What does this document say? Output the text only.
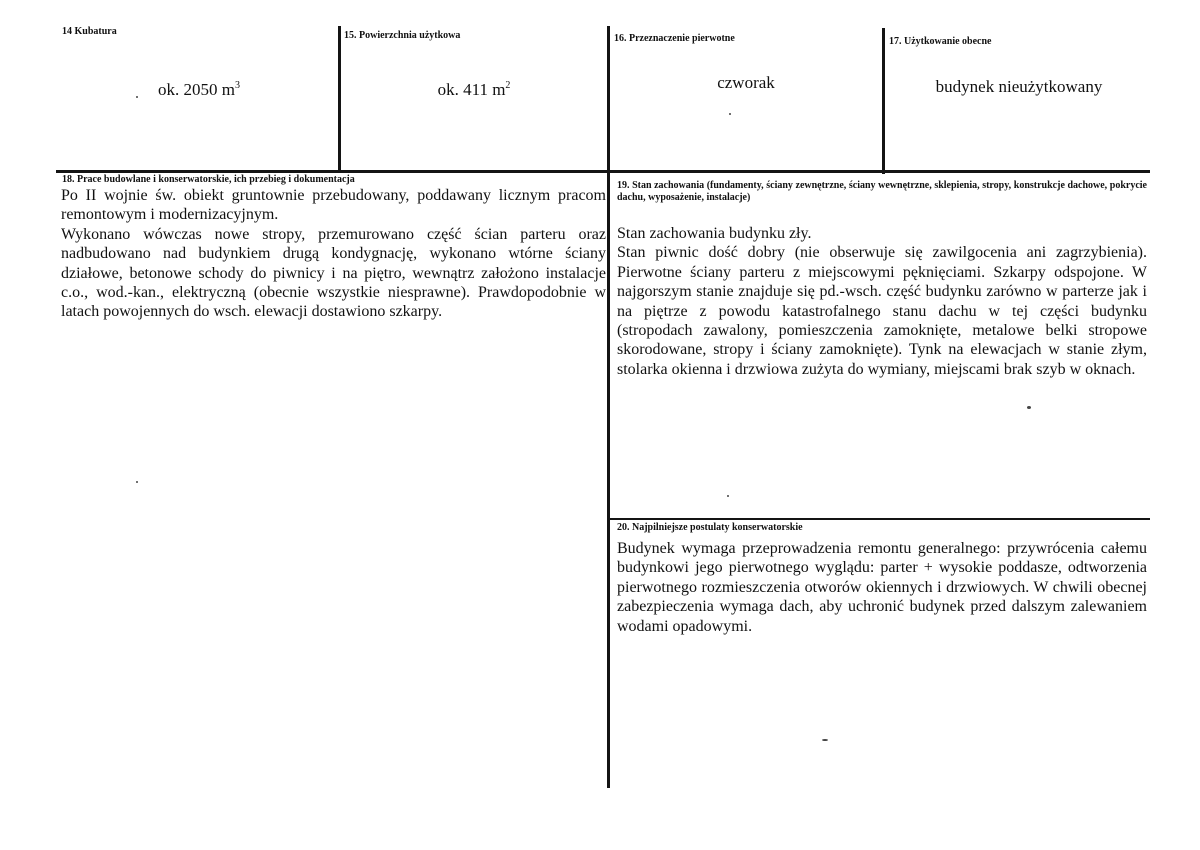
14 Kubatura
ok. 2050 $m^3$
15. Powierzchnia użytkowa
ok. 411 $m^2$
16. Przeznaczenie pierwotne
czworak
17. Użytkowanie obecne
budynek nieużytkowany
18. Prace budowlane i konserwatorskie, ich przebieg i dokumentacja

Po II wojnie św. obiekt gruntownie przebudowany, poddawany licznym pracom remontowym i modernizacyjnym.

Wykonano wówczas nowe stropy, przemurowano część ścian parteru oraz nadbudowano nad budynkiem drugą kondygnację, wykonano wtórne ściany działowe, betonowe schody do piwnicy i na piętro, wewnątrz założono instalacje c.o., wod.-kan., elektryczną (obecnie wszystkie niesprawne). Prawdopodobnie w latach powojennych do wsch. elewacji dostawiono szkarpy.

19. Stan zachowania (fundamenty, ściany zewnętrzne, ściany wewnętrzne, sklepienia, stropy, konstrukcje dachowe, pokrycie dachu, wyposażenie, instalacje)

Stan zachowania budynku zły.

Stan piwnic dość dobry (nie obserwuje się zawilgocenia ani zagrzybienia). Pierwotne ściany parteru z miejscowymi pęknięciami. Szkarpy odspojone. W najgorszym stanie znajduje się pd.-wsch. część budynku zarówno w parterze jak i na piętrze z powodu katastrofalnego stanu dachu w tej części budynku (stropodach zawalony, pomieszczenia zamoknięte, metalowe belki stropowe skorodowane, stropy i ściany zamoknięte). Tynk na elewacjach w stanie złym, stolarka okienna i drzwiowa zużyta do wymiany, miejscami brak szyb w oknach.

20. Najpilniejsze postulaty konserwatorskie

Budynek wymaga przeprowadzenia remontu generalnego: przywrócenia całemu budynkowi jego pierwotnego wyglądu: parter + wysokie poddasze, odtworzenia pierwotnego rozmieszczenia otworów okiennych i drzwiowych. W chwili obecnej zabezpieczenia wymaga dach, aby uchronić budynek przed dalszym zalewaniem wodami opadowymi.
